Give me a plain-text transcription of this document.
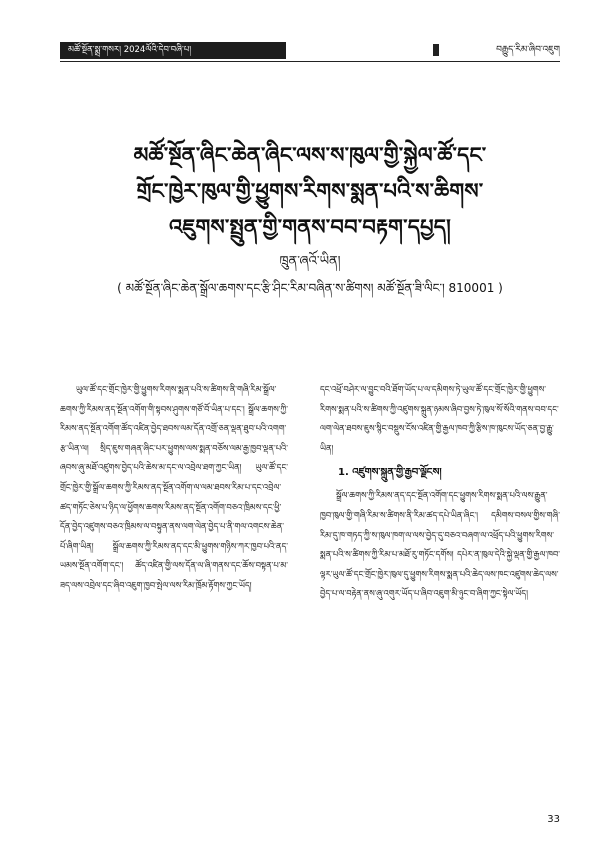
མཚོ་སྔོན་སྨྲ་གསར། 2024ལོའི་དེབ་བཞི་པ།	བརྒྱུད་རིམ་ཞིབ་འཇུག
མཚོ་སྔོན་ཞིང་ཆེན་ཞིང་ལས་ས་ཁུལ་གྱི་སྐྱེལ་ཚོ་དང་
གྲོང་ཁྱེར་ཁུལ་གྱི་ཕྱུགས་རིགས་སྨན་པའི་ས་ཆིགས་
འཇུགས་སྤྲུན་གྱི་གནས་བབ་བརྟག་དཔྱད།
ཁྲུན་ཞའོ་ཡིན།
( མཚོ་སྔོན་ཞིང་ཆེན་སྒྲོལ་ཆགས་དང་རྩི་ཤིང་རིམ་བཞིན་ས་ཚིགས། མཚོ་སྔོན་ཟི་ལིང་། 810001 )

ཡུལ་ཚོ་དང་གྲོང་ཁྱེར་གྱི་ཕྱུགས་རིགས་སྨན་པའི་ས་ཚིགས་ནི་གཞི་རིམ་སྒྲོལ་ཆགས་ཀྱི་རིམས་ནད་སྔོན་འགོག་གི་སྟབས་ཤུགས་གཙོ་བོ་ཡིན་པ་དང་། སྒྲོལ་ཆགས་ཀྱི་རིམས་ནད་སྔོན་འགོག་ཚོད་འཛིན་བྱེད་ཐབས་ལམ་དོན་འགྲོ་ཅན་ལྡན་ཐུབ་པའི་འགག་རྩ་ཡིན་ལ། སྲིད་ཇུས་གཞན་ཞིང་པར་ཕྱུགས་ལས་སྨན་བཅོས་ལམ་རྒྱ་ཁྱབ་ལྡན་པའི་ཞབས་ཞུ་མཐོ་འཛུགས་བྱེད་པའི་ཆེས་མ་དང་ལ་འབྲེལ་ཐག་ཀྱང་ཡིན། ཡུལ་ཚོ་དང་གྲོང་ཁྱེར་གྱི་སྒྲོལ་ཆགས་ཀྱི་རིམས་ནད་སྔོན་འགོག་ལ་ལམ་ཐབས་རིམ་པ་དང་འབྲེལ་ཚད་གཏོང་ཅེས་པ་ཉིད་ལ་ཕྱོགས་ཆགས་རིམས་ནད་སྔོན་འགོག་བཅའ་ཁྲིམས་དང་ཕྱི་དོན་བྱེད་འཛུགས་བཅའ་ཁྲིམས་ལ་བསྟུན་ནས་ལག་ལེན་བྱེད་པ་ནི་གལ་འགངས་ཆེན་པོ་ཞིག་ཡིན། སྒྲོལ་ཆགས་ཀྱི་རིམས་ནད་དང་མི་ཕྱུགས་གཉིས་ཀར་ཁྱབ་པའི་ནད་ཡམས་སྔོན་འགོག་དང་། ཚོད་འཛིན་གྱི་ལས་དོན་ལ་ཞི་གནས་དང་ཆོས་བསྟན་པ་མ་ཟད་ལས་འབྲེལ་དང་ཞིབ་འཇུག་ཁྱབ་སྤེལ་ལས་རིམ་ཁྲོམ་རྟོགས་ཀྱང་ཡོད།

དང་འཕྲོ་བཤེར་ལ་བྱུང་བའི་ཐོག་ཡོད་པ་ལ་དམིགས་ཏེ་ཡུལ་ཚོ་དང་གྲོང་ཁྱེར་གྱི་ཕྱུགས་རིགས་སྨན་པའི་ས་ཚིགས་ཀྱི་འཛུགས་སྐྲུན་ཉམས་ཞིབ་བྱས་ཏེ་ཁུལ་སོ་སོའི་གནས་བབ་དང་ལག་ལེན་ཐབས་ཇུས་སྙིང་བསྡུས་ངོས་འཛིན་གྱི་རྒྱལ་ཁབ་ཀྱི་རྩིས་ཁ་ཁུངས་ཡོད་ཅན་བྱ་རྒྱུ་ཡིན།

1. འཛུགས་སྐྲུན་གྱི་རྒྱབ་ལྗོངས།

སྒྲོལ་ཆགས་ཀྱི་རིམས་ནད་དང་སྔོན་འགོག་དང་ཕྱུགས་རིགས་སྨན་པའི་ལས་རྒྱུན་ཁྱབ་ཁུལ་གྱི་གཞི་རིམ་ས་ཚིགས་ནི་རིམ་ཚད་དཔེ་ཡིན་ཞིང་། དམིགས་བསལ་གྱིས་གཞི་རིམ་དུ་ཁ་གཏད་ཀྱི་ས་ཁུལ་ཁག་ལ་ལས་བྱེད་དུ་བཅའ་བཞག་ལ་འཕྲོད་པའི་ཕྱུགས་རིགས་སྨན་པའི་ས་ཚིགས་ཀྱི་རིམ་པ་མཐོ་རུ་གཏོང་དགོས། དཔེར་ན་ཁུལ་དེའི་སྐྱེ་ལྡན་གྱི་རྒྱལ་ཁབ་ལྟར་ཡུལ་ཚོ་དང་གྲོང་ཁྱེར་ཁུལ་དུ་ཕྱུགས་རིགས་སྨན་པའི་ཆེད་ལས་ཁང་འཛུགས་ཆེད་ལས་བྱེད་པ་ལ་བརྟེན་ནས་ཞུ་འགུར་ཡོད་པ་ཞིབ་འཇུག་མི་ཉུང་བ་ཞིག་ཀྱང་སྟེལ་ཡོད།

33
